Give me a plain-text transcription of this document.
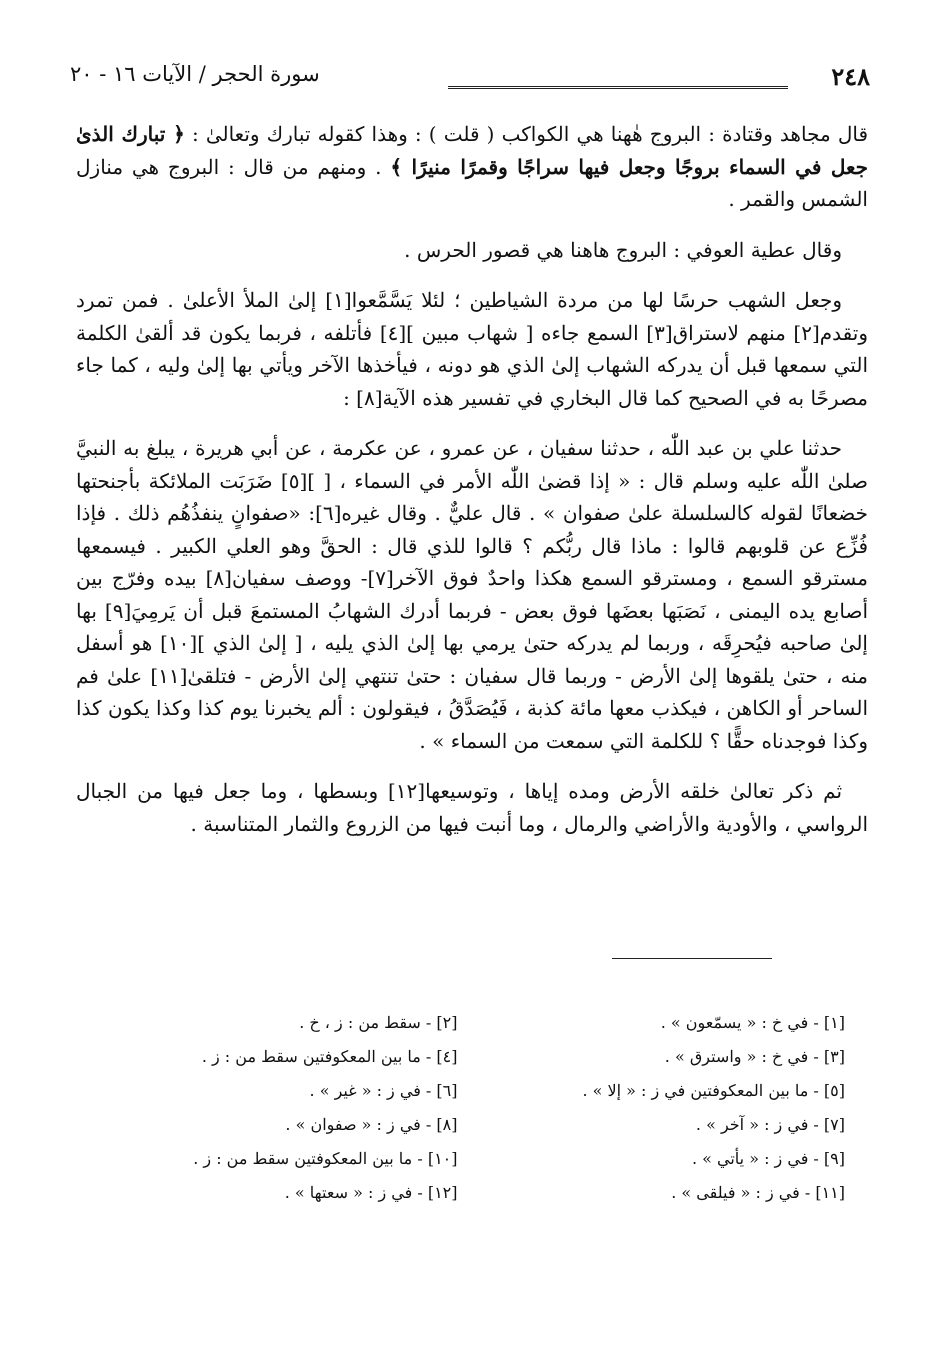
٢٤٨
سورة الحجر / الآيات ١٦ - ٢٠

قال مجاهد وقتادة : البروج هٰهنا هي الكواكب ( قلت ) : وهذا كقوله تبارك وتعالىٰ : ﴿ تبارك الذىٰ جعل في السماء بروجًا وجعل فيها سراجًا وقمرًا منيرًا ﴾ . ومنهم من قال : البروج هي منازل الشمس والقمر .

وقال عطية العوفي : البروج هاهنا هي قصور الحرس .

وجعل الشهب حرسًا لها من مردة الشياطين ؛ لئلا يَسَّمَّعوا[١] إلىٰ الملأ الأعلىٰ . فمن تمرد وتقدم[٢] منهم لاستراق[٣] السمع جاءه [ شهاب مبين ][٤] فأتلفه ، فربما يكون قد ألقىٰ الكلمة التي سمعها قبل أن يدركه الشهاب إلىٰ الذي هو دونه ، فيأخذها الآخر ويأتي بها إلىٰ وليه ، كما جاء مصرحًا به في الصحيح كما قال البخاري في تفسير هذه الآية[٨] :

حدثنا علي بن عبد اللّٰه ، حدثنا سفيان ، عن عمرو ، عن عكرمة ، عن أبي هريرة ، يبلغ به النبيَّ صلىٰ اللّٰه عليه وسلم قال : « إذا قضىٰ اللّٰه الأمر في السماء ، [ ][٥] ضَرَبَت الملائكة بأجنحتها خضعانًا لقوله كالسلسلة علىٰ صفوان » . قال عليٌّ . وقال غيره[٦]: «صفوانٍ ينفذُهُم ذلك . فإذا فُزِّع عن قلوبهم قالوا : ماذا قال ربُّكم ؟ قالوا للذي قال : الحقَّ وهو العلي الكبير . فيسمعها مسترقو السمع ، ومسترقو السمع هكذا واحدٌ فوق الآخر[٧]- ووصف سفيان[٨] بيده وفرّج بين أصابع يده اليمنى ، نَصَبَها بعضَها فوق بعض - فربما أدرك الشهابُ المستمعَ قبل أن يَرمِيَ[٩] بها إلىٰ صاحبه فيُحرِقَه ، وربما لم يدركه حتىٰ يرمي بها إلىٰ الذي يليه ، [ إلىٰ الذي ][١٠] هو أسفل منه ، حتىٰ يلقوها إلىٰ الأرض - وربما قال سفيان : حتىٰ تنتهي إلىٰ الأرض - فتلقىٰ[١١] علىٰ فم الساحر أو الكاهن ، فيكذب معها مائة كذبة ، فَيُصَدَّقُ ، فيقولون : ألم يخبرنا يوم كذا وكذا يكون كذا وكذا فوجدناه حقًّا ؟ للكلمة التي سمعت من السماء » .

ثم ذكر تعالىٰ خلقه الأرض ومده إياها ، وتوسيعها[١٢] وبسطها ، وما جعل فيها من الجبال الرواسي ، والأودية والأراضي والرمال ، وما أنبت فيها من الزروع والثمار المتناسبة .

[١] - في خ : « يسمّعون » .
[٢] - سقط من : ز ، خ .
[٣] - في خ : « واسترق » .
[٤] - ما بين المعكوفتين سقط من : ز .
[٥] - ما بين المعكوفتين في ز : « إلا » .
[٦] - في ز : « غير » .
[٧] - في ز : « آخر » .
[٨] - في ز : « صفوان » .
[٩] - في ز : « يأتي » .
[١٠] - ما بين المعكوفتين سقط من : ز .
[١١] - في ز : « فيلقى » .
[١٢] - في ز : « سعتها » .
